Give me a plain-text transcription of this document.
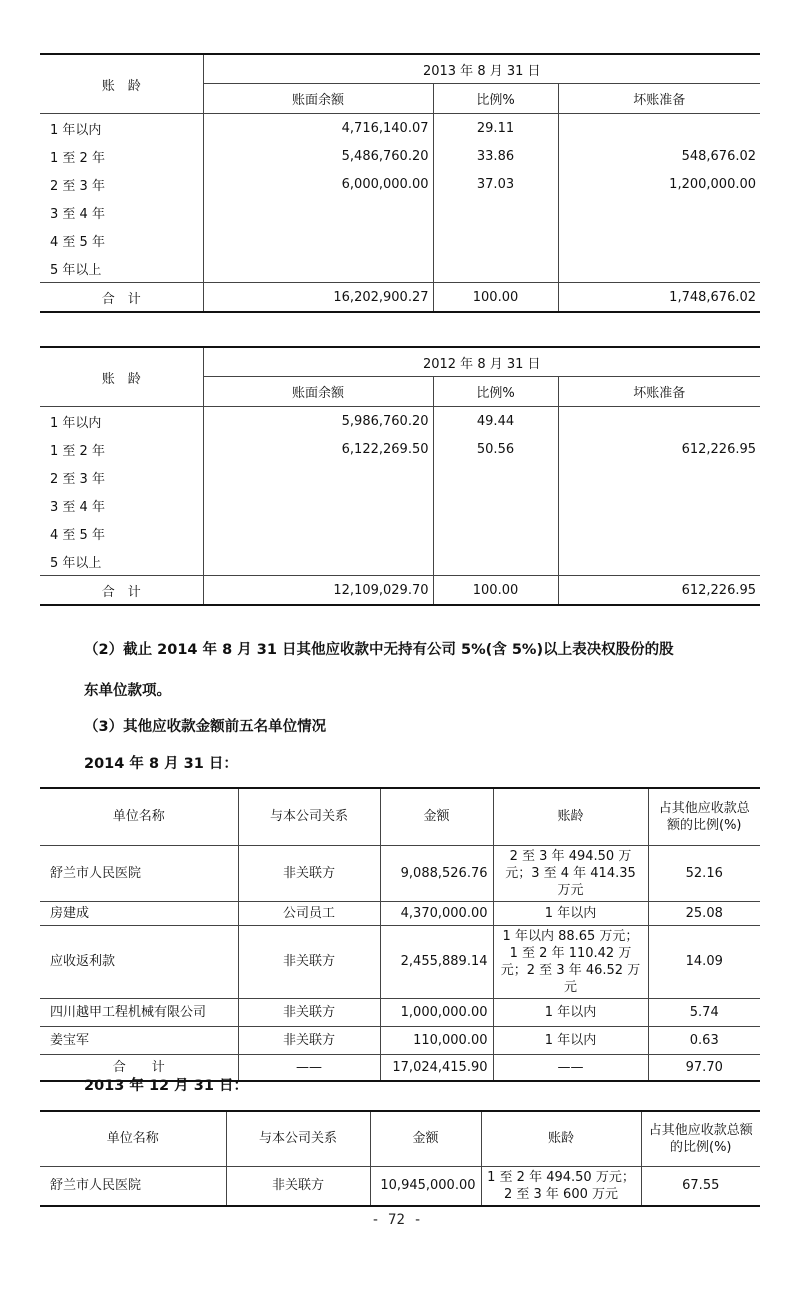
账　龄	2013 年 8 月 31 日		
	账面余额	比例%	坏账准备
1 年以内	4,716,140.07	29.11	
1 至 2 年	5,486,760.20	33.86	548,676.02
2 至 3 年	6,000,000.00	37.03	1,200,000.00
3 至 4 年			
4 至 5 年			
5 年以上			
合　计	16,202,900.27	100.00	1,748,676.02
账　龄	2012 年 8 月 31 日		
	账面余额	比例%	坏账准备
1 年以内	5,986,760.20	49.44	
1 至 2 年	6,122,269.50	50.56	612,226.95
2 至 3 年			
3 至 4 年			
4 至 5 年			
5 年以上			
合　计	12,109,029.70	100.00	612,226.95
（2）截止 2014 年 8 月 31 日其他应收款中无持有公司 5%(含 5%)以上表决权股份的股
东单位款项。
（3）其他应收款金额前五名单位情况
2014 年 8 月 31 日：
单位名称	与本公司关系	金额	账龄	占其他应收款总额的比例(%)
舒兰市人民医院	非关联方	9,088,526.76	2 至 3 年 494.50 万元；3 至 4 年 414.35 万元	52.16
房建成	公司员工	4,370,000.00	1 年以内	25.08
应收返利款	非关联方	2,455,889.14	1 年以内 88.65 万元；1 至 2 年 110.42 万元；2 至 3 年 46.52 万元	14.09
四川越甲工程机械有限公司	非关联方	1,000,000.00	1 年以内	5.74
姜宝军	非关联方	110,000.00	1 年以内	0.63
合　　计	——	17,024,415.90	——	97.70
2013 年 12 月 31 日：
单位名称	与本公司关系	金额	账龄	占其他应收款总额的比例(%)
舒兰市人民医院	非关联方	10,945,000.00	1 至 2 年 494.50 万元；2 至 3 年 600 万元	67.55
- 72 -
